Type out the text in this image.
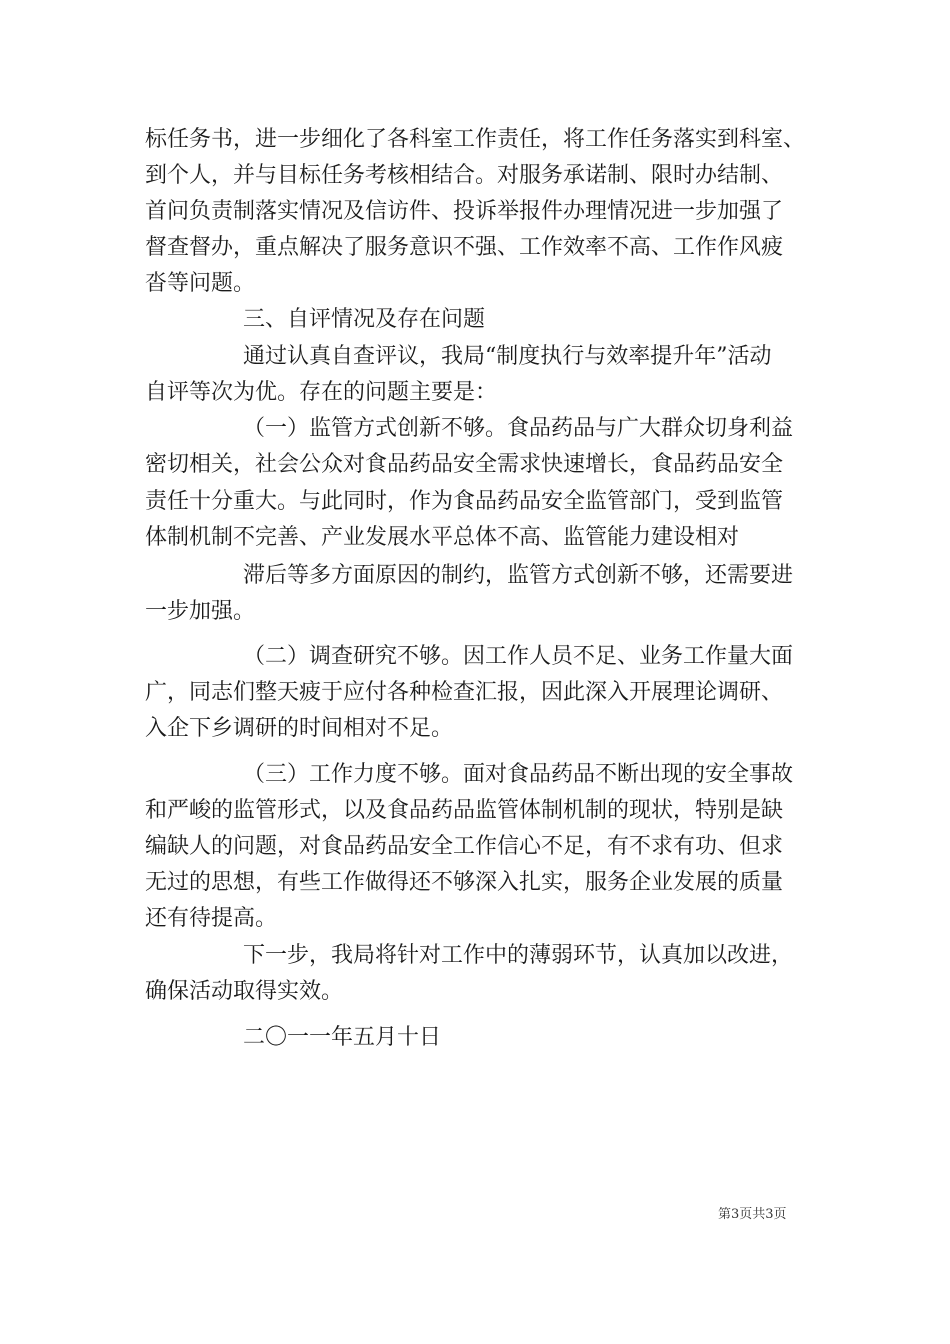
标任务书，进一步细化了各科室工作责任，将工作任务落实到科室、
到个人，并与目标任务考核相结合。对服务承诺制、限时办结制、
首问负责制落实情况及信访件、投诉举报件办理情况进一步加强了
督查督办，重点解决了服务意识不强、工作效率不高、工作作风疲
沓等问题。
三、自评情况及存在问题
通过认真自查评议，我局“制度执行与效率提升年”活动
自评等次为优。存在的问题主要是：
（一）监管方式创新不够。食品药品与广大群众切身利益
密切相关，社会公众对食品药品安全需求快速增长，食品药品安全
责任十分重大。与此同时，作为食品药品安全监管部门，受到监管
体制机制不完善、产业发展水平总体不高、监管能力建设相对
滞后等多方面原因的制约，监管方式创新不够，还需要进
一步加强。
（二）调查研究不够。因工作人员不足、业务工作量大面
广，同志们整天疲于应付各种检查汇报，因此深入开展理论调研、
入企下乡调研的时间相对不足。
（三）工作力度不够。面对食品药品不断出现的安全事故
和严峻的监管形式，以及食品药品监管体制机制的现状，特别是缺
编缺人的问题，对食品药品安全工作信心不足，有不求有功、但求
无过的思想，有些工作做得还不够深入扎实，服务企业发展的质量
还有待提高。
下一步，我局将针对工作中的薄弱环节，认真加以改进，
确保活动取得实效。
二〇一一年五月十日
第3页共3页
